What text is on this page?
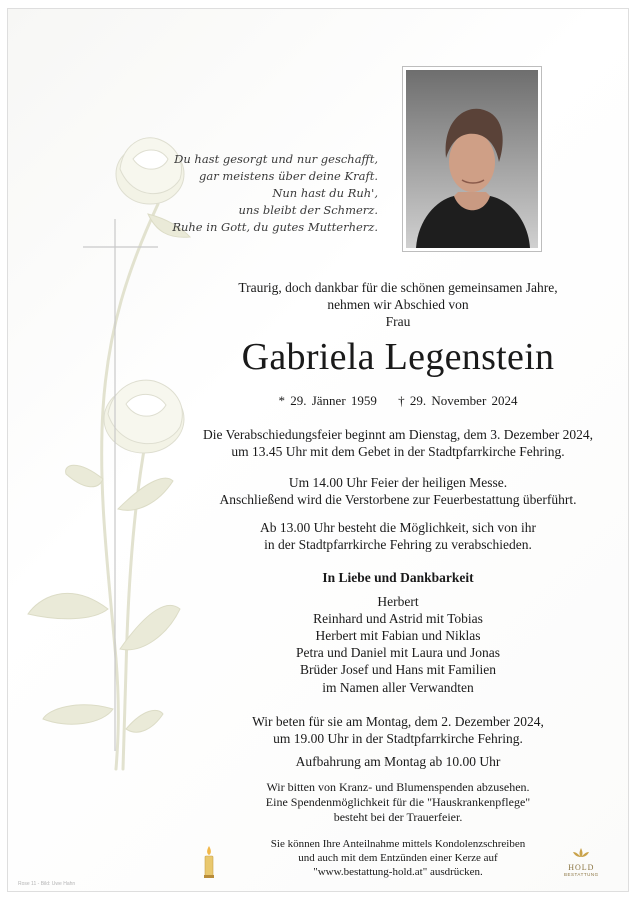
Du hast gesorgt und nur geschafft,
gar meistens über deine Kraft.
Nun hast du Ruh',
uns bleibt der Schmerz.
Ruhe in Gott, du gutes Mutterherz.
Traurig, doch dankbar für die schönen gemeinsamen Jahre,
nehmen wir Abschied von
Frau
Gabriela Legenstein
* 29. Jänner 1959 † 29. November 2024
Die Verabschiedungsfeier beginnt am Dienstag, dem 3. Dezember 2024,
um 13.45 Uhr mit dem Gebet in der Stadtpfarrkirche Fehring.
Um 14.00 Uhr Feier der heiligen Messe.
Anschließend wird die Verstorbene zur Feuerbestattung überführt.
Ab 13.00 Uhr besteht die Möglichkeit, sich von ihr
in der Stadtpfarrkirche Fehring zu verabschieden.
In Liebe und Dankbarkeit
Herbert
Reinhard und Astrid mit Tobias
Herbert mit Fabian und Niklas
Petra und Daniel mit Laura und Jonas
Brüder Josef und Hans mit Familien
im Namen aller Verwandten
Wir beten für sie am Montag, dem 2. Dezember 2024,
um 19.00 Uhr in der Stadtpfarrkirche Fehring.
Aufbahrung am Montag ab 10.00 Uhr
Wir bitten von Kranz- und Blumenspenden abzusehen.
Eine Spendenmöglichkeit für die "Hauskrankenpflege"
besteht bei der Trauerfeier.
Sie können Ihre Anteilnahme mittels Kondolenzschreiben
und auch mit dem Entzünden einer Kerze auf
"www.bestattung-hold.at" ausdrücken.	HOLD
BESTATTUNG
Rose 11 - Bild: Uwe Hahn
